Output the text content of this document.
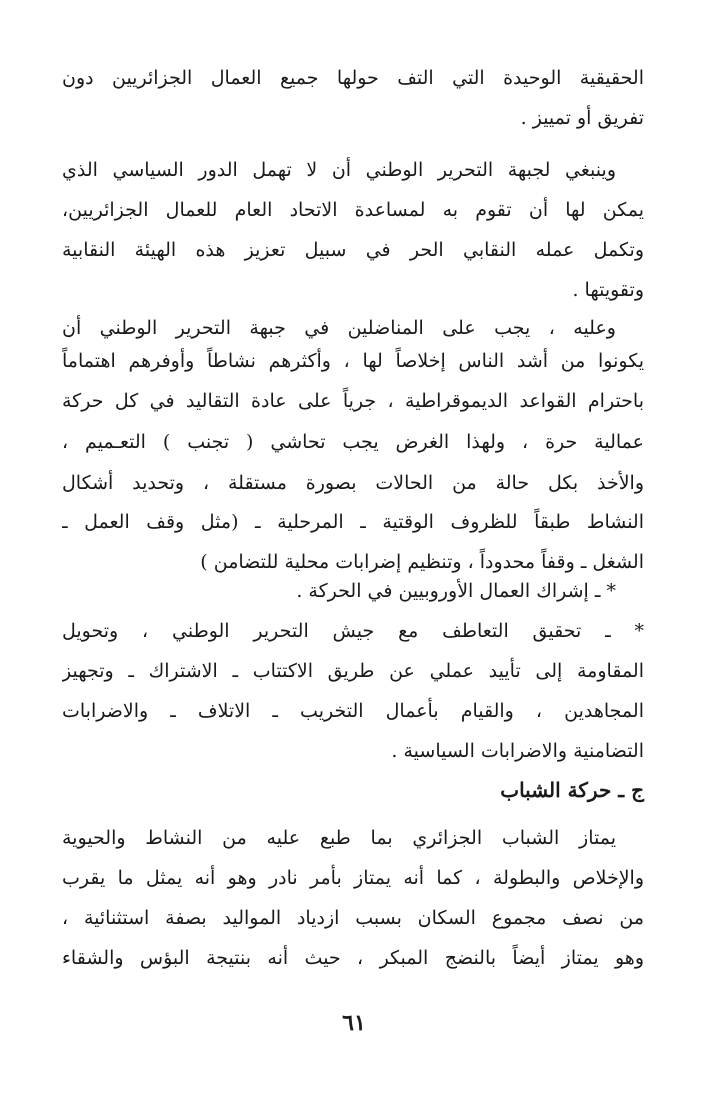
الحقيقية الوحيدة التي التف حولها جميع العمال الجزائريين دون
تفريق أو تمييز .
وينبغي لجبهة التحرير الوطني أن لا تهمل الدور السياسي الذي
يمكن لها أن تقوم به لمساعدة الاتحاد العام للعمال الجزائريين،
وتكمل عمله النقابي الحر في سبيل تعزيز هذه الهيئة النقابية
وتقويتها .
وعليه ، يجب على المناضلين في جبهة التحرير الوطني أن
يكونوا من أشد الناس إخلاصاً لها ، وأكثرهم نشاطاً وأوفرهم اهتماماً
باحترام القواعد الديموقراطية ، جرياً على عادة التقاليد في كل حركة
عمالية حرة ، ولهذا الغرض يجب تحاشي ( تجنب ) التعـميم ،
والأخذ بكل حالة من الحالات بصورة مستقلة ، وتحديد أشكال
النشاط طبقاً للظروف الوقتية ـ المرحلية ـ (مثل وقف العمل ـ
الشغل ـ وقفاً محدوداً ، وتنظيم إضرابات محلية للتضامن )
* ـ إشراك العمال الأوروبيين في الحركة .
* ـ تحقيق التعاطف مع جيش التحرير الوطني ، وتحويل
المقاومة إلى تأييد عملي عن طريق الاكتتاب ـ الاشتراك ـ وتجهيز
المجاهدين ، والقيام بأعمال التخريب ـ الاتلاف ـ والاضرابات
التضامنية والاضرابات السياسية .
ج ـ حركة الشباب
يمتاز الشباب الجزائري بما طبع عليه من النشاط والحيوية
والإخلاص والبطولة ، كما أنه يمتاز بأمر نادر وهو أنه يمثل ما يقرب
من نصف مجموع السكان بسبب ازدياد المواليد بصفة استثنائية ،
وهو يمتاز أيضاً بالنضج المبكر ، حيث أنه بنتيجة البؤس والشقاء
٦١
